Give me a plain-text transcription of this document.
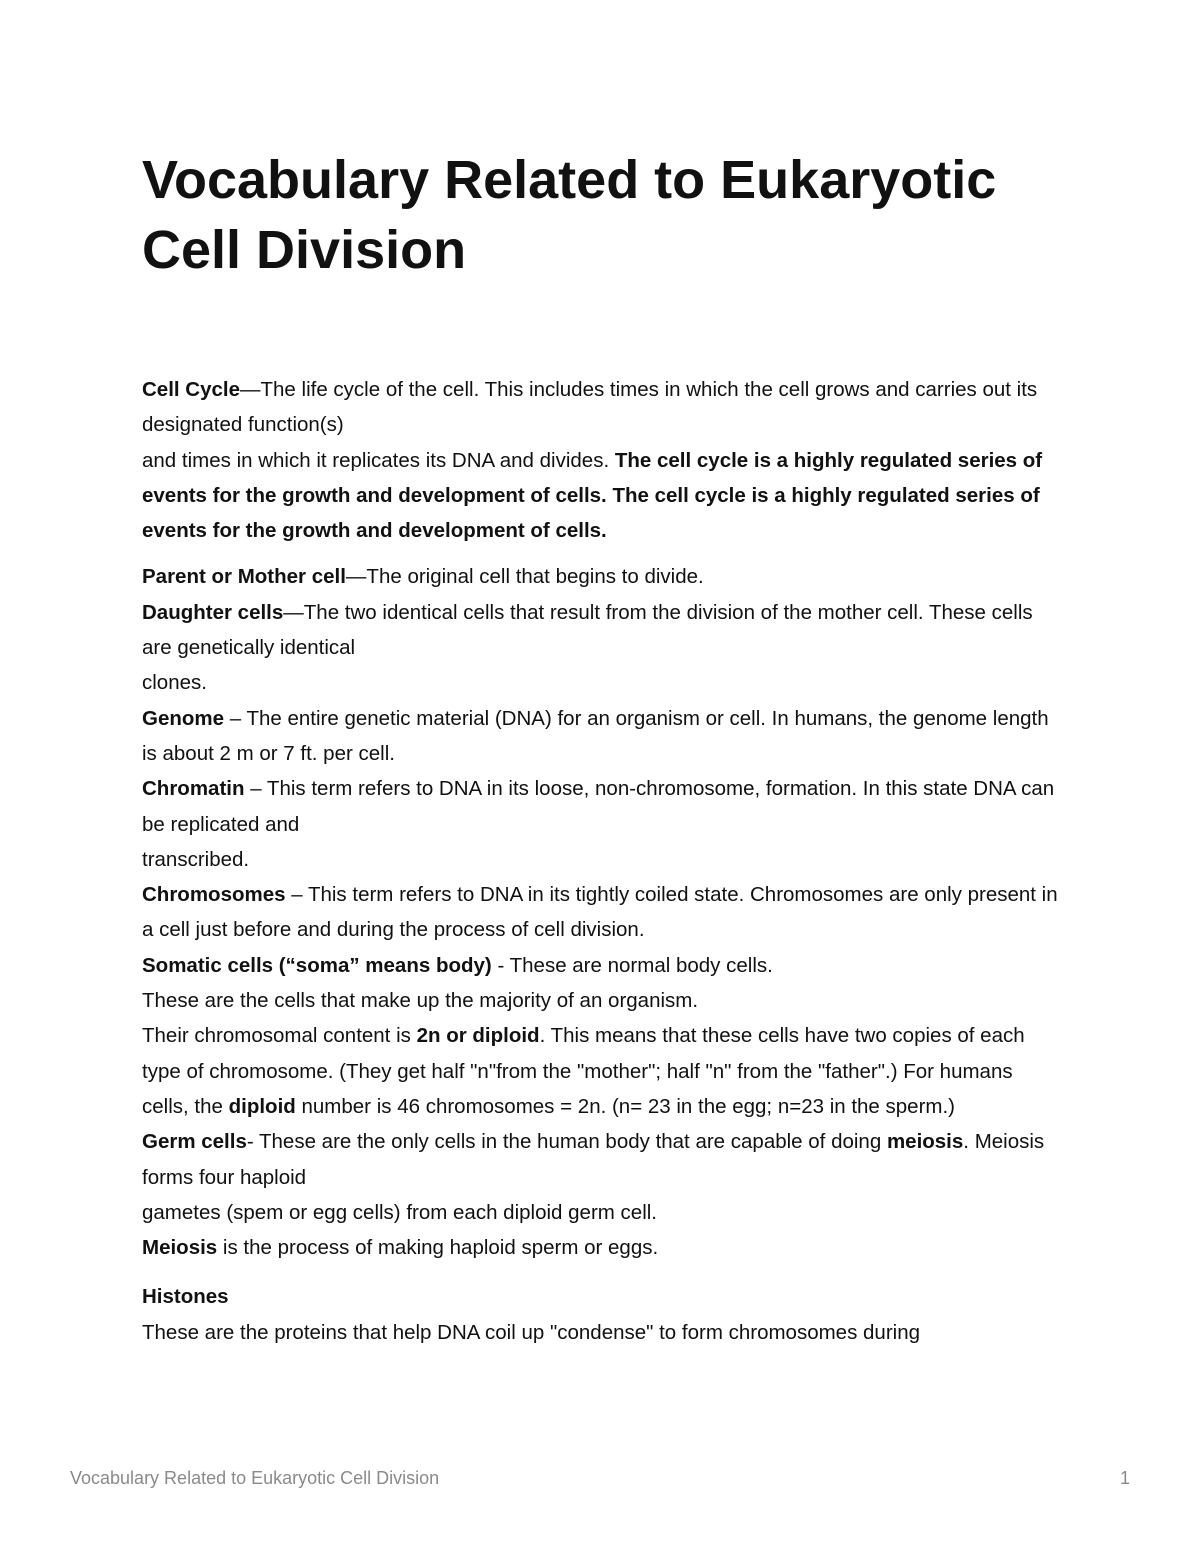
Vocabulary Related to Eukaryotic Cell Division

Cell Cycle—The life cycle of the cell. This includes times in which the cell grows and carries out its designated function(s)
and times in which it replicates its DNA and divides. The cell cycle is a highly regulated series of events for the growth and development of cells. The cell cycle is a highly regulated series of events for the growth and development of cells.

Parent or Mother cell—The original cell that begins to divide.
Daughter cells—The two identical cells that result from the division of the mother cell. These cells are genetically identical
clones.
Genome – The entire genetic material (DNA) for an organism or cell. In humans, the genome length is about 2 m or 7 ft. per cell.
Chromatin – This term refers to DNA in its loose, non-chromosome, formation. In this state DNA can be replicated and
transcribed.
Chromosomes – This term refers to DNA in its tightly coiled state. Chromosomes are only present in a cell just before and during the process of cell division.
Somatic cells (“soma” means body) - These are normal body cells.
These are the cells that make up the majority of an organism.
Their chromosomal content is 2n or diploid. This means that these cells have two copies of each type of chromosome. (They get half "n"from the "mother"; half "n" from the "father".) For humans cells, the diploid number is 46 chromosomes = 2n. (n= 23 in the egg; n=23 in the sperm.)
Germ cells- These are the only cells in the human body that are capable of doing meiosis. Meiosis forms four haploid
gametes (spem or egg cells) from each diploid germ cell.
Meiosis is the process of making haploid sperm or eggs.

Histones
These are the proteins that help DNA coil up "condense" to form chromosomes during

Vocabulary Related to Eukaryotic Cell Division	1
